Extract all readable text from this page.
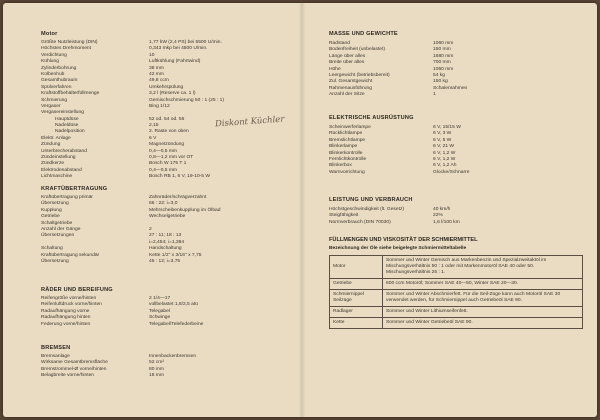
Motor
Größte Nutzleistung (DIN)	1,77 kW (2,4 PS) bei 5500 U/min.
Höchstes Drehmoment	0,343 mkp bei 4500 U/min.
Verdichtung	10
Kühlung	Luftkühlung (Fahrtwind)
Zylinderbohrung	38 mm
Kolbenhub	42 mm
Gesamthubraum	49,8 ccm
Spülverfahren	Umkehrspülung
Kraftstoffbehälterfüllmenge	3,2 l (Reserve ca. 1 l)
Schmierung	Gemischschmierung 50 : 1 (25 : 1)
Vergaser	Bing 1/12
Vergasereinstellung
Hauptdüse	52 od. 54 od. 56
Nadeldüse	2,15
Nadelposition	2. Raste von oben
Elektr. Anlage	6 V
Zündung	Magnetzündung
Unterbrecherabstand	0,4—0,5 mm
Zündeinstellung	0,8—1,2 mm vor OT
Zündkerze	Bosch W 175 T 1
Elektrodenabstand	0,4—0,5 mm
Lichtmaschine	Bosch RB 1, 6 V, 19-10-5 W
Diskont Küchler
KRAFTÜBERTRAGUNG
Kraftübertragung primär	Zahnräder/schrägverzahnt
Übersetzung	66 : 22: i=3,0
Kupplung	Mehrscheibenkupplung im Ölbad
Getriebe	Wechselgetriebe
Schaltgetriebe
Anzahl der Gänge	2
Übersetzungen	27 : 11; 18 : 13
i=2,454; i=1,384
Schaltung	Handschaltung
Kraftübertragung sekundär	Kette 1/2" x 3/16" x 7,75
Übersetzung	45 : 12; i=3,75
RÄDER UND BEREIFUNG
Reifengröße vorne/hinten	2 1/4—17
Reifenluftdruck vorne/hinten	vollbelastet 1,8/2,5 atü
Radaufhängung vorne	Telegabel
Radaufhängung hinten	Schwinge
Federung vorne/hinten	Telegabel/Telefederbeine
BREMSEN
Bremsanlage	Innenbackenbremsen
Wirksame Gesamtbremsfläche	52 cm²
Bremstrommel-Ø vorne/hinten	80 mm
Belagbreite vorne/hinten	18 mm
MASSE UND GEWICHTE
Radstand	1060 mm
Bodenfreiheit (unbelastet)	150 mm
Länge über alles	1680 mm
Breite über alles	700 mm
Höhe	1050 mm
Leergewicht (betriebsbereit)	54 kg
Zul. Gesamtgewicht	150 kg
Rahmenausführung	Schalenrahmen
Anzahl der Sitze	1
ELEKTRISCHE AUSRÜSTUNG
Scheinwerferlampe	6 V, 15/15 W
Rücklichtlampe	6 V, 3 W
Bremslichtlampe	6 V, 5 W
Blinkerlampe	6 V, 21 W
Blinkerkontrolle	6 V, 1,2 W
Fernlichtkontrolle	6 V, 1,2 W
Blinkerbox	6 V, 1,2 Ah
Warnvorrichtung	Glocke/Schnarre
LEISTUNG UND VERBRAUCH
Höchstgeschwindigkeit (lt. Gesetz)	40 km/h
Steigfähigkeit	22%
Normverbrauch (DIN 70030)	1,6 l/100 km
FÜLLMENGEN UND VISKOSITÄT DER SCHMIERMITTEL
Bezeichnung der Öle siehe beigelegte Schmiermitteltabelle
Motor	Sommer und Winter Gemisch aus Markenbenzin und Spezialzweitaktöl im Mischungsverhältnis 50 : 1 oder mit Markenmotoröl SAE 40 oder 50. Mischungsverhältnis 25 : 1.
Getriebe	600 ccm Motoröl; Sommer SAE 40—50, Winter SAE 20—30.
Schmiernippel Seilzüge	Sommer und Winter Abschmierfett. Für die Seil-Züge kann auch Motoröl SAE 30 verwendet werden, für Schmiernippel auch Getriebeöl SAE 90.
Radlager	Sommer und Winter Lithiumseifenfett.
Kette	Sommer und Winter Getriebeöl SAE 90.
